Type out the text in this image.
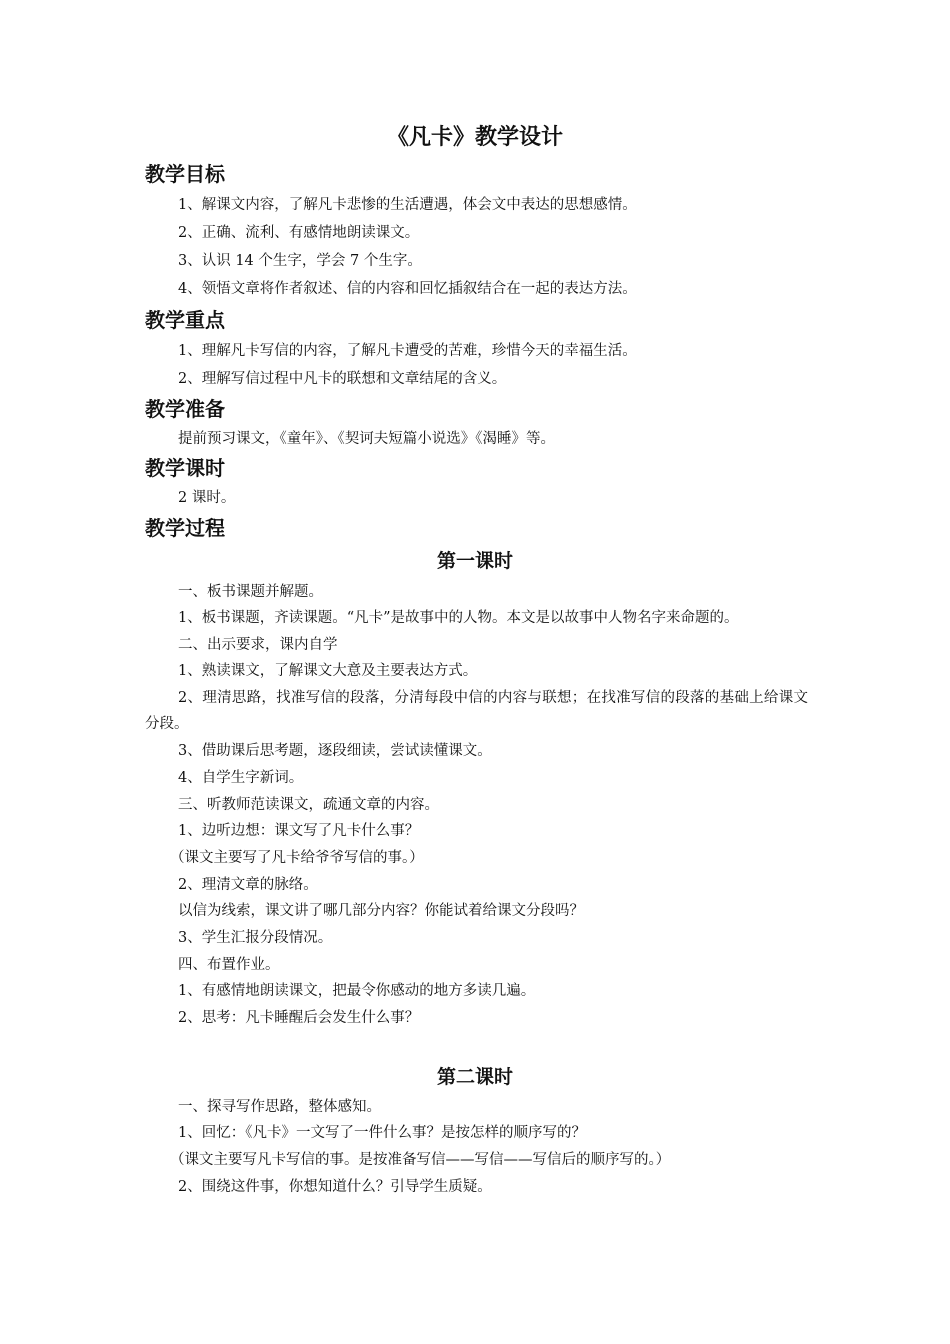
《凡卡》教学设计
教学目标
1、解课文内容，了解凡卡悲惨的生活遭遇，体会文中表达的思想感情。
2、正确、流利、有感情地朗读课文。
3、认识 14 个生字，学会 7 个生字。
4、领悟文章将作者叙述、信的内容和回忆插叙结合在一起的表达方法。
教学重点
1、理解凡卡写信的内容，了解凡卡遭受的苦难，珍惜今天的幸福生活。
2、理解写信过程中凡卡的联想和文章结尾的含义。
教学准备
提前预习课文，《童年》、《契诃夫短篇小说选》《渴睡》等。
教学课时
2 课时。
教学过程
第一课时
一、板书课题并解题。
1、板书课题，齐读课题。“凡卡”是故事中的人物。本文是以故事中人物名字来命题的。
二、出示要求，课内自学
1、熟读课文，了解课文大意及主要表达方式。
2、理清思路，找准写信的段落，分清每段中信的内容与联想；在找准写信的段落的基础上给课文分段。
3、借助课后思考题，逐段细读，尝试读懂课文。
4、自学生字新词。
三、听教师范读课文，疏通文章的内容。
1、边听边想：课文写了凡卡什么事？
（课文主要写了凡卡给爷爷写信的事。）
2、理清文章的脉络。
以信为线索，课文讲了哪几部分内容？你能试着给课文分段吗？
3、学生汇报分段情况。
四、布置作业。
1、有感情地朗读课文，把最令你感动的地方多读几遍。
2、思考：凡卡睡醒后会发生什么事？
第二课时
一、探寻写作思路，整体感知。
1、回忆：《凡卡》一文写了一件什么事？是按怎样的顺序写的？
（课文主要写凡卡写信的事。是按准备写信——写信——写信后的顺序写的。）
2、围绕这件事，你想知道什么？引导学生质疑。
